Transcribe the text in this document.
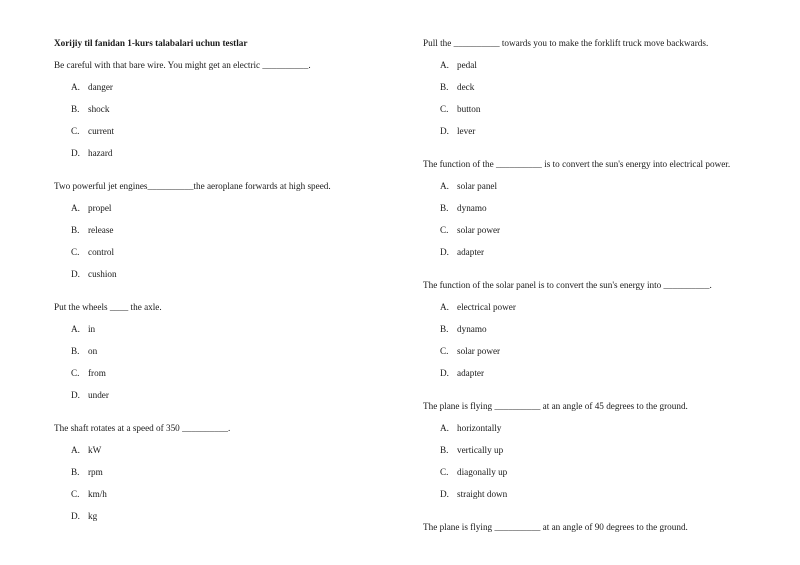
Xorijiy til fanidan 1-kurs talabalari uchun testlar
Be careful with that bare wire. You might get an electric __________.
A. danger
B. shock
C. current
D. hazard
Two powerful jet engines__________the aeroplane forwards at high speed.
A. propel
B. release
C. control
D. cushion
Put the wheels ____ the axle.
A. in
B. on
C. from
D. under
The shaft rotates at a speed of 350 __________.
A. kW
B. rpm
C. km/h
D. kg
Pull the __________ towards you to make the forklift truck move backwards.
A. pedal
B. deck
C. button
D. lever
The function of the __________ is to convert the sun's energy into electrical power.
A. solar panel
B. dynamo
C. solar power
D. adapter
The function of the solar panel is to convert the sun's energy into __________.
A. electrical power
B. dynamo
C. solar power
D. adapter
The plane is flying __________ at an angle of 45 degrees to the ground.
A. horizontally
B. vertically up
C. diagonally up
D. straight down
The plane is flying __________ at an angle of 90 degrees to the ground.
